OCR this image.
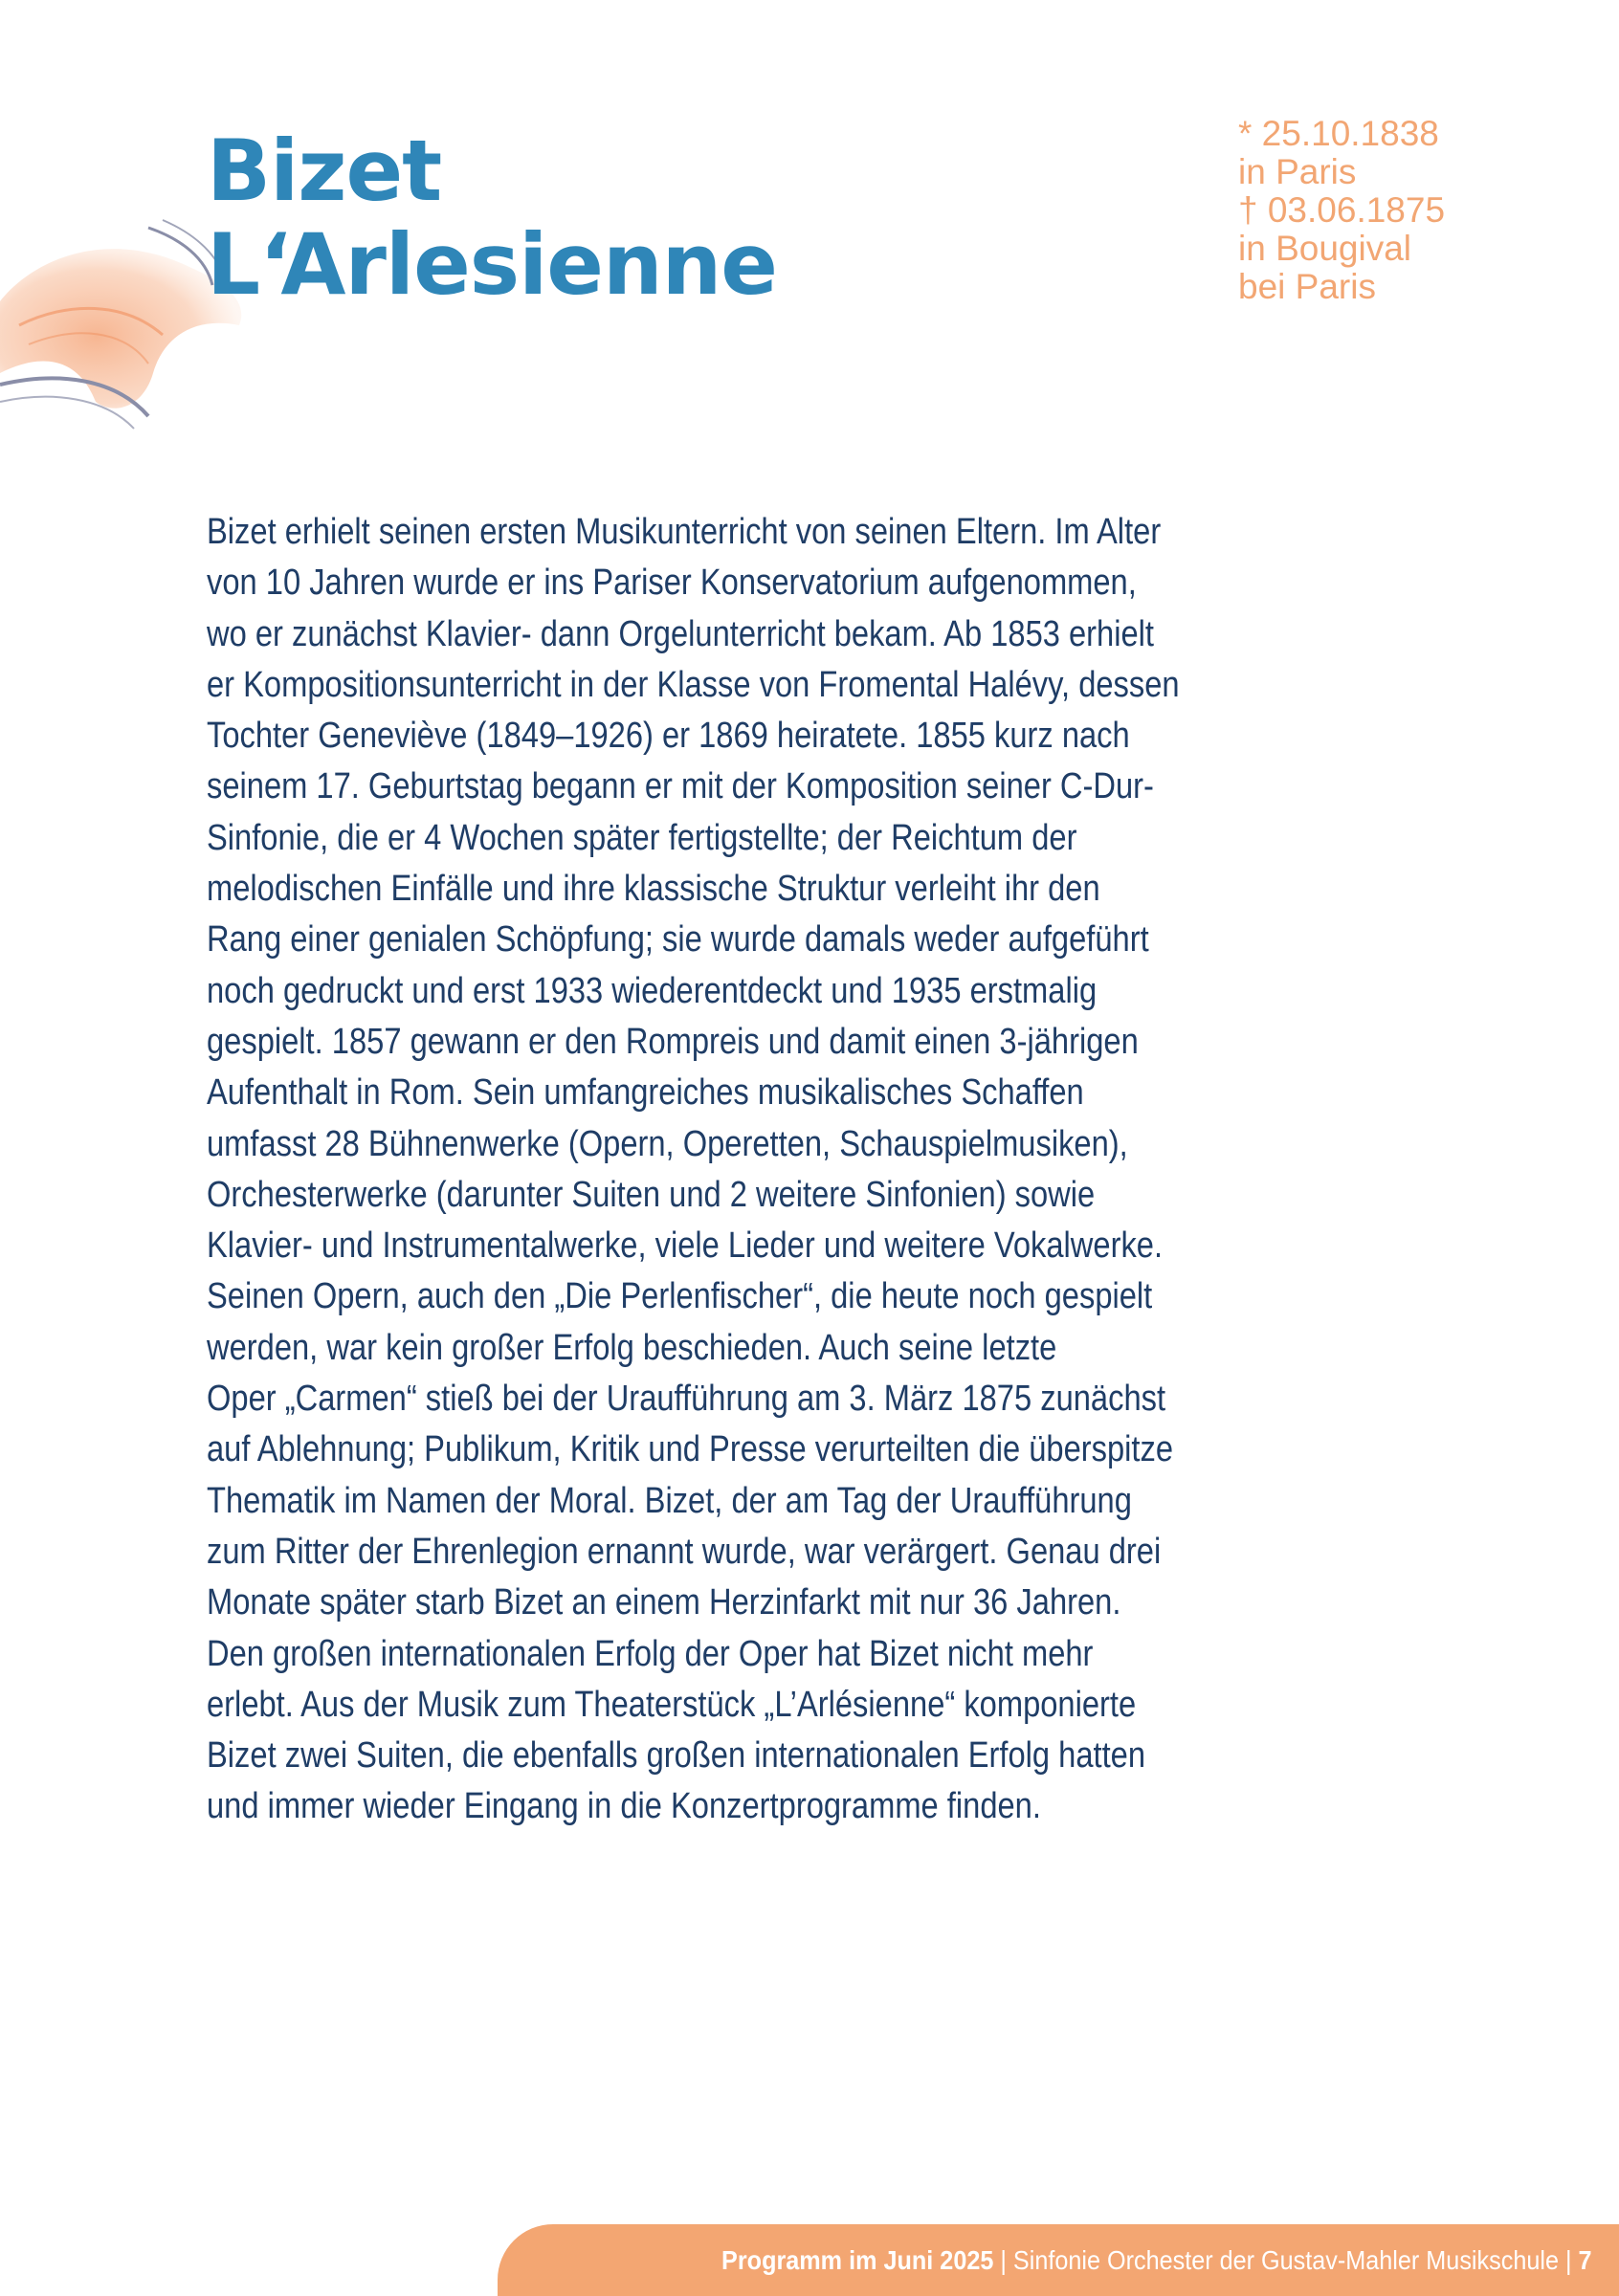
Bizet
L‘Arlesienne
* 25.10.1838
in Paris
† 03.06.1875
in Bougival
bei Paris
Bizet erhielt seinen ersten Musikunterricht von seinen Eltern. Im Alter
von 10 Jahren wurde er ins Pariser Konservatorium aufgenommen,
wo er zunächst Klavier- dann Orgelunterricht bekam. Ab 1853 erhielt
er Kompositionsunterricht in der Klasse von Fromental Halévy, dessen
Tochter Geneviève (1849–1926) er 1869 heiratete. 1855 kurz nach
seinem 17. Geburtstag begann er mit der Komposition seiner C-Dur-
Sinfonie, die er 4 Wochen später fertigstellte; der Reichtum der
melodischen Einfälle und ihre klassische Struktur verleiht ihr den
Rang einer genialen Schöpfung; sie wurde damals weder aufgeführt
noch gedruckt und erst 1933 wiederentdeckt und 1935 erstmalig
gespielt. 1857 gewann er den Rompreis und damit einen 3-jährigen
Aufenthalt in Rom. Sein umfangreiches musikalisches Schaffen
umfasst 28 Bühnenwerke (Opern, Operetten, Schauspielmusiken),
Orchesterwerke (darunter Suiten und 2 weitere Sinfonien) sowie
Klavier- und Instrumentalwerke, viele Lieder und weitere Vokalwerke.
Seinen Opern, auch den „Die Perlenfischer“, die heute noch gespielt
werden, war kein großer Erfolg beschieden. Auch seine letzte
Oper „Carmen“ stieß bei der Uraufführung am 3. März 1875 zunächst
auf Ablehnung; Publikum, Kritik und Presse verurteilten die überspitze
Thematik im Namen der Moral. Bizet, der am Tag der Uraufführung
zum Ritter der Ehrenlegion ernannt wurde, war verärgert. Genau drei
Monate später starb Bizet an einem Herzinfarkt mit nur 36 Jahren.
Den großen internationalen Erfolg der Oper hat Bizet nicht mehr
erlebt. Aus der Musik zum Theaterstück „L’Arlésienne“ komponierte
Bizet zwei Suiten, die ebenfalls großen internationalen Erfolg hatten
und immer wieder Eingang in die Konzertprogramme finden.
Programm im Juni 2025 | Sinfonie Orchester der Gustav-Mahler Musikschule | 7
